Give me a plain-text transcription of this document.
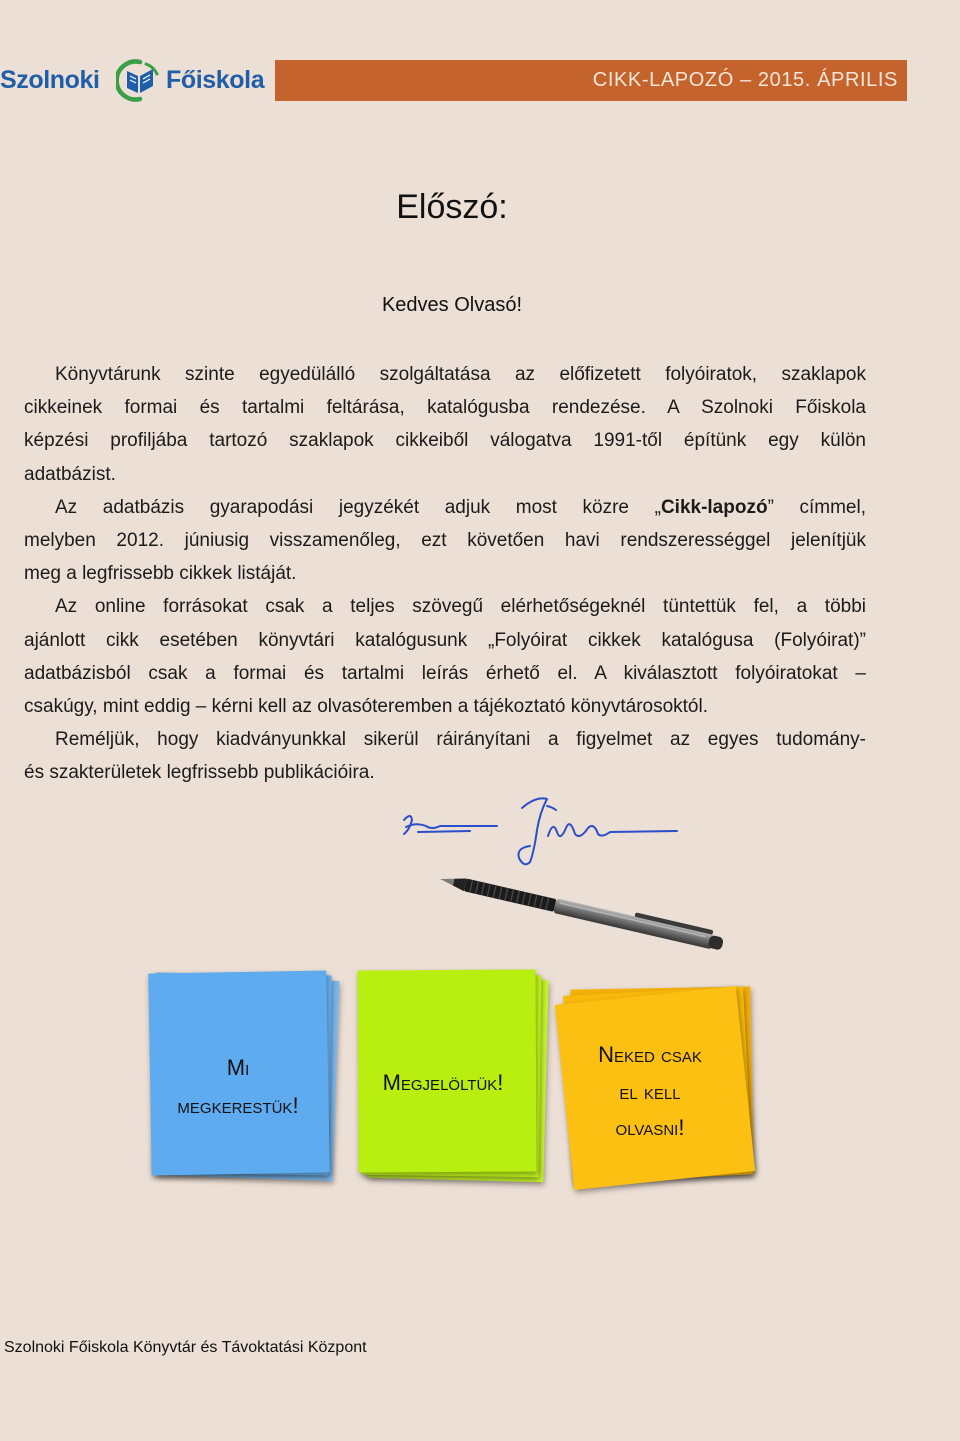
Szolnoki	Főiskola	CIKK-LAPOZÓ – 2015. ÁPRILIS
Előszó:
Kedves Olvasó!
Könyvtárunk szinte egyedülálló szolgáltatása az előfizetett folyóiratok, szaklapok
cikkeinek formai és tartalmi feltárása, katalógusba rendezése. A Szolnoki Főiskola
képzési profiljába tartozó szaklapok cikkeiből válogatva 1991-től építünk egy külön
adatbázist.
Az adatbázis gyarapodási jegyzékét adjuk most közre „Cikk-lapozó” címmel,
melyben 2012. júniusig visszamenőleg, ezt követően havi rendszerességgel jelenítjük
meg a legfrissebb cikkek listáját.
Az online forrásokat csak a teljes szövegű elérhetőségeknél tüntettük fel, a többi
ajánlott cikk esetében könyvtári katalógusunk „Folyóirat cikkek katalógusa (Folyóirat)”
adatbázisból csak a formai és tartalmi leírás érhető el. A kiválasztott folyóiratokat –
csakúgy, mint eddig – kérni kell az olvasóteremben a tájékoztató könyvtárosoktól.
Reméljük, hogy kiadványunkkal sikerül ráirányítani a figyelmet az egyes tudomány-
és szakterületek legfrissebb publikációira.
Mi
megkerestük!
Megjelöltük!
Neked csak
el kell
olvasni!
Szolnoki Főiskola Könyvtár és Távoktatási Központ
